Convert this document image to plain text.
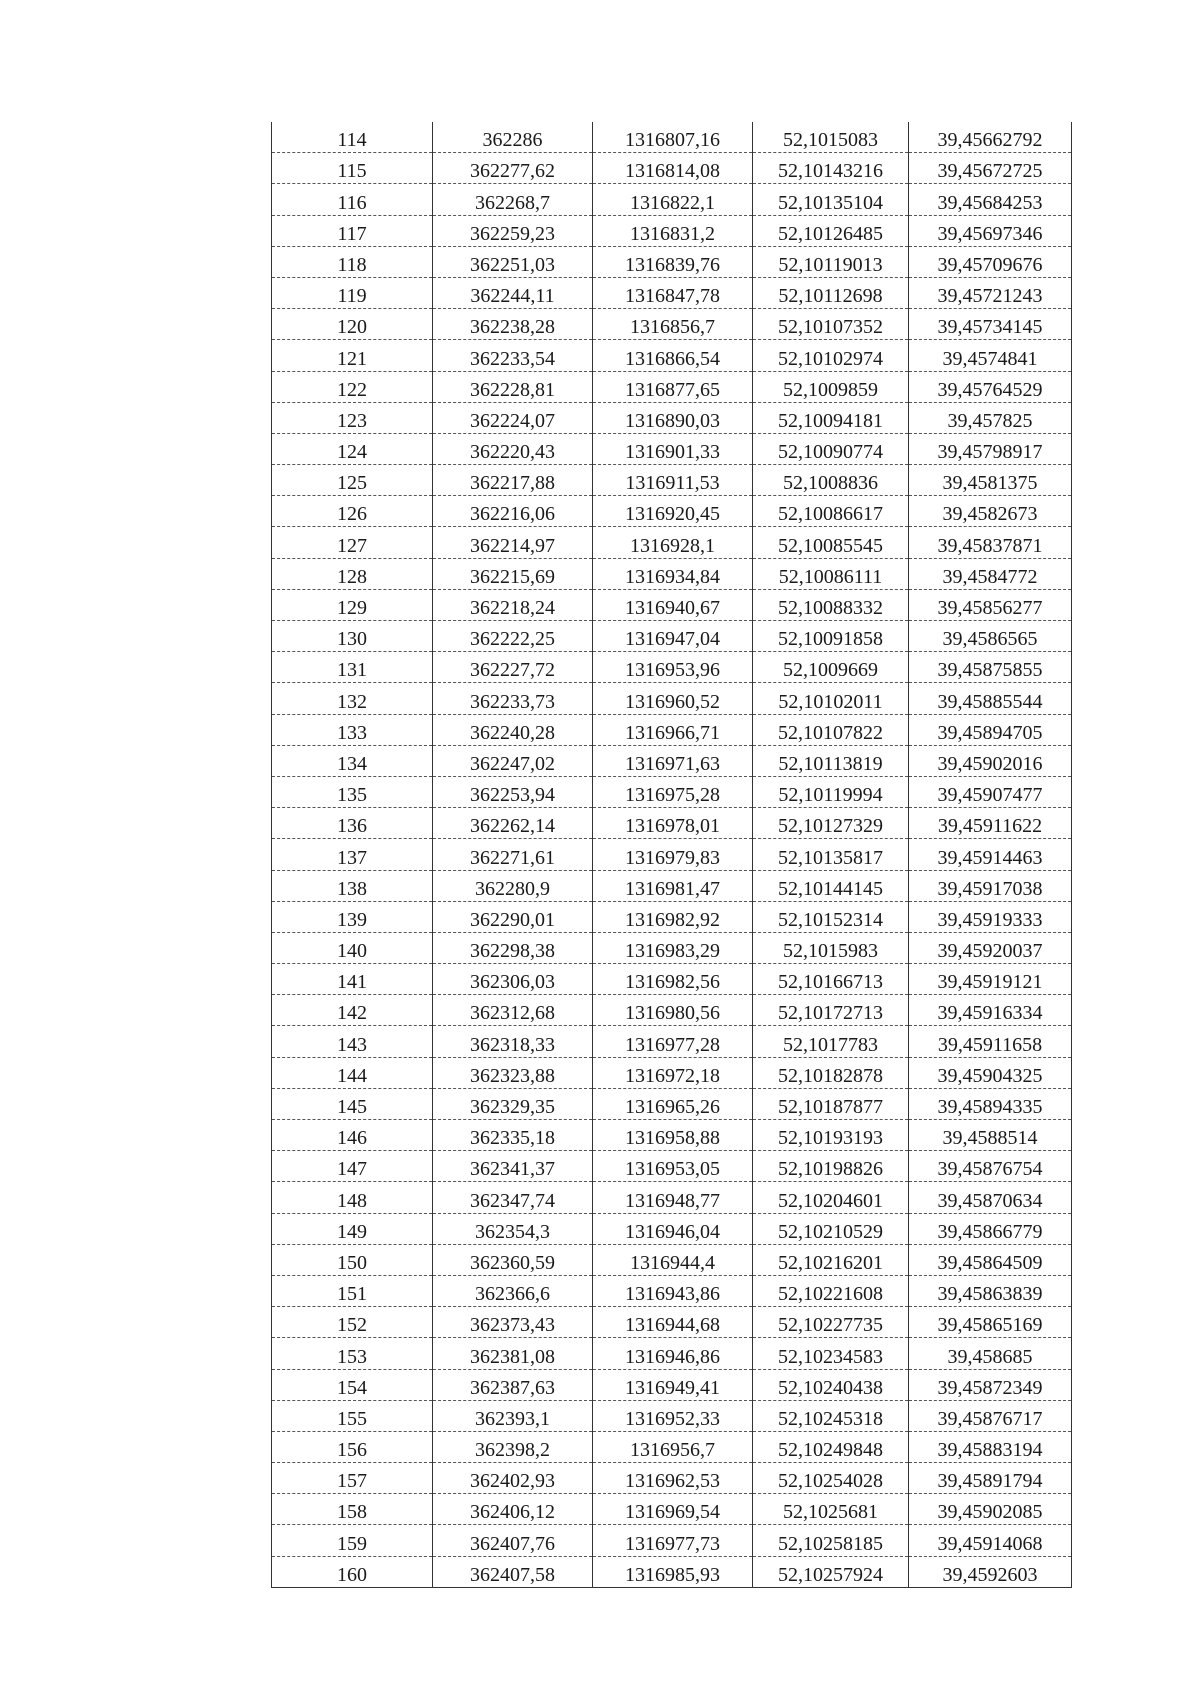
114	362286	1316807,16	52,1015083	39,45662792
115	362277,62	1316814,08	52,10143216	39,45672725
116	362268,7	1316822,1	52,10135104	39,45684253
117	362259,23	1316831,2	52,10126485	39,45697346
118	362251,03	1316839,76	52,10119013	39,45709676
119	362244,11	1316847,78	52,10112698	39,45721243
120	362238,28	1316856,7	52,10107352	39,45734145
121	362233,54	1316866,54	52,10102974	39,4574841
122	362228,81	1316877,65	52,1009859	39,45764529
123	362224,07	1316890,03	52,10094181	39,457825
124	362220,43	1316901,33	52,10090774	39,45798917
125	362217,88	1316911,53	52,1008836	39,4581375
126	362216,06	1316920,45	52,10086617	39,4582673
127	362214,97	1316928,1	52,10085545	39,45837871
128	362215,69	1316934,84	52,10086111	39,4584772
129	362218,24	1316940,67	52,10088332	39,45856277
130	362222,25	1316947,04	52,10091858	39,4586565
131	362227,72	1316953,96	52,1009669	39,45875855
132	362233,73	1316960,52	52,10102011	39,45885544
133	362240,28	1316966,71	52,10107822	39,45894705
134	362247,02	1316971,63	52,10113819	39,45902016
135	362253,94	1316975,28	52,10119994	39,45907477
136	362262,14	1316978,01	52,10127329	39,45911622
137	362271,61	1316979,83	52,10135817	39,45914463
138	362280,9	1316981,47	52,10144145	39,45917038
139	362290,01	1316982,92	52,10152314	39,45919333
140	362298,38	1316983,29	52,1015983	39,45920037
141	362306,03	1316982,56	52,10166713	39,45919121
142	362312,68	1316980,56	52,10172713	39,45916334
143	362318,33	1316977,28	52,1017783	39,45911658
144	362323,88	1316972,18	52,10182878	39,45904325
145	362329,35	1316965,26	52,10187877	39,45894335
146	362335,18	1316958,88	52,10193193	39,4588514
147	362341,37	1316953,05	52,10198826	39,45876754
148	362347,74	1316948,77	52,10204601	39,45870634
149	362354,3	1316946,04	52,10210529	39,45866779
150	362360,59	1316944,4	52,10216201	39,45864509
151	362366,6	1316943,86	52,10221608	39,45863839
152	362373,43	1316944,68	52,10227735	39,45865169
153	362381,08	1316946,86	52,10234583	39,458685
154	362387,63	1316949,41	52,10240438	39,45872349
155	362393,1	1316952,33	52,10245318	39,45876717
156	362398,2	1316956,7	52,10249848	39,45883194
157	362402,93	1316962,53	52,10254028	39,45891794
158	362406,12	1316969,54	52,1025681	39,45902085
159	362407,76	1316977,73	52,10258185	39,45914068
160	362407,58	1316985,93	52,10257924	39,4592603
